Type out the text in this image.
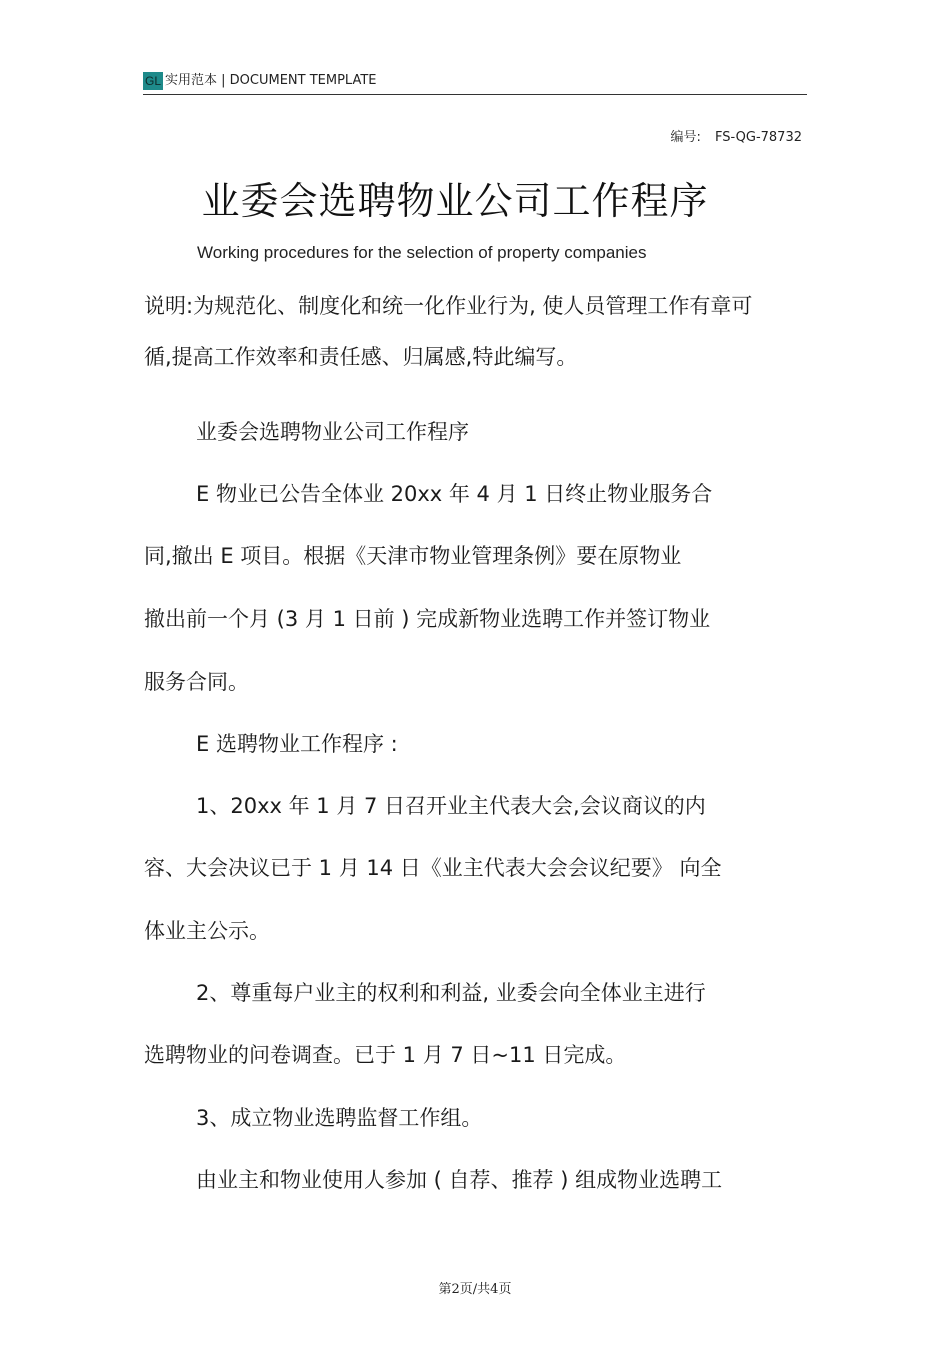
GL 实用范本 | DOCUMENT TEMPLATE
编号: FS-QG-78732
业委会选聘物业公司工作程序
Working procedures for the selection of property companies
说明:为规范化、制度化和统一化作业行为, 使人员管理工作有章可
循,提高工作效率和责任感、归属感,特此编写。
业委会选聘物业公司工作程序
E 物业已公告全体业 20xx 年 4 月 1 日终止物业服务合
同,撤出 E 项目。根据《天津市物业管理条例》要在原物业
撤出前一个月 (3 月 1 日前 ) 完成新物业选聘工作并签订物业
服务合同。
E 选聘物业工作程序 :
1、20xx 年 1 月 7 日召开业主代表大会,会议商议的内
容、大会决议已于 1 月 14 日《业主代表大会会议纪要》 向全
体业主公示。
2、尊重每户业主的权利和利益, 业委会向全体业主进行
选聘物业的问卷调查。已于 1 月 7 日~11 日完成。
3、成立物业选聘监督工作组。
由业主和物业使用人参加 ( 自荐、推荐 ) 组成物业选聘工
第2页/共4页
